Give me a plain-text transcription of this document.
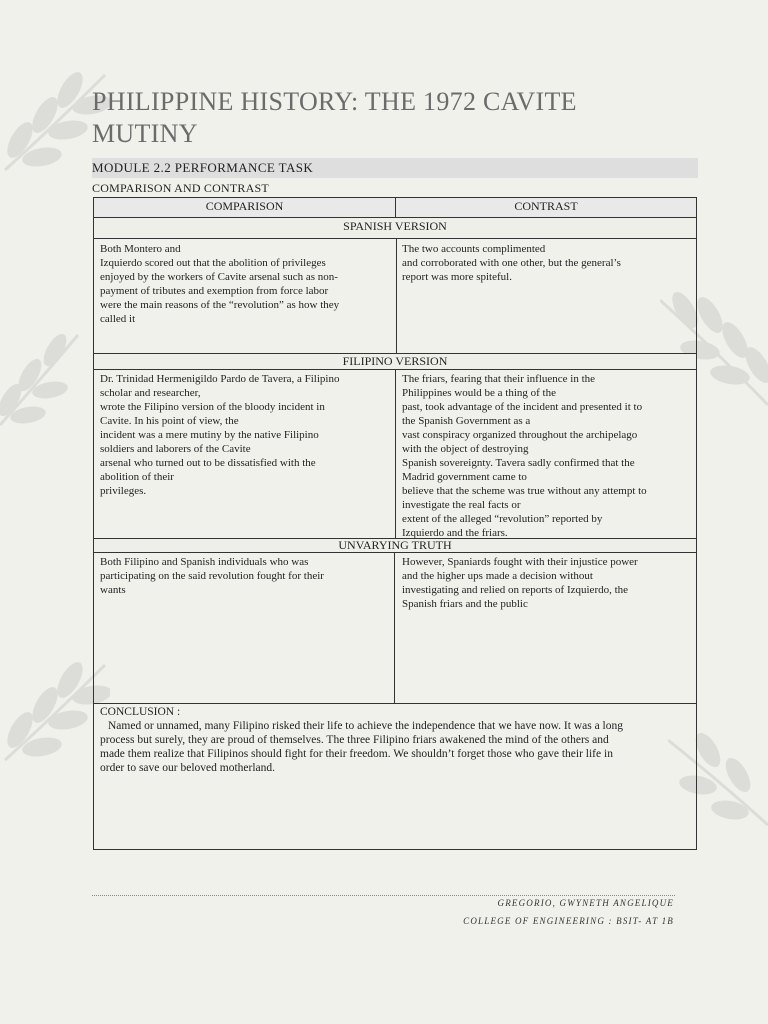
PHILIPPINE HISTORY: THE 1972 CAVITE MUTINY
MODULE 2.2 PERFORMANCE TASK
COMPARISON AND CONTRAST
COMPARISON	CONTRAST
SPANISH VERSION

Both Montero and

Izquierdo scored out that the abolition of privileges

enjoyed by the workers of Cavite arsenal such as non-

payment of tributes and exemption from force labor

were the main reasons of the “revolution” as how they

called it

The two accounts complimented

and corroborated with one other, but the general’s

report was more spiteful.

FILIPINO VERSION

Dr. Trinidad Hermenigildo Pardo de Tavera, a Filipino

scholar and researcher,

wrote the Filipino version of the bloody incident in

Cavite. In his point of view, the

incident was a mere mutiny by the native Filipino

soldiers and laborers of the Cavite

arsenal who turned out to be dissatisfied with the

abolition of their

privileges.

The friars, fearing that their influence in the

Philippines would be a thing of the

past, took advantage of the incident and presented it to

the Spanish Government as a

vast conspiracy organized throughout the archipelago

with the object of destroying

Spanish sovereignty. Tavera sadly confirmed that the

Madrid government came to

believe that the scheme was true without any attempt to

investigate the real facts or

extent of the alleged “revolution” reported by

Izquierdo and the friars.

UNVARYING TRUTH

Both Filipino and Spanish individuals who was

participating on the said revolution fought for their

wants

However, Spaniards fought with their injustice power

and the higher ups made a decision without

investigating and relied on reports of Izquierdo, the

Spanish friars and the public

CONCLUSION :

Named or unnamed, many Filipino risked their life to achieve the independence that we have now. It was a long

process but surely, they are proud of themselves. The three Filipino friars awakened the mind of the others and

made them realize that Filipinos should fight for their freedom. We shouldn’t forget those who gave their life in

order to save our beloved motherland.

GREGORIO, GWYNETH ANGELIQUE
COLLEGE OF ENGINEERING : BSIT- AT 1B
